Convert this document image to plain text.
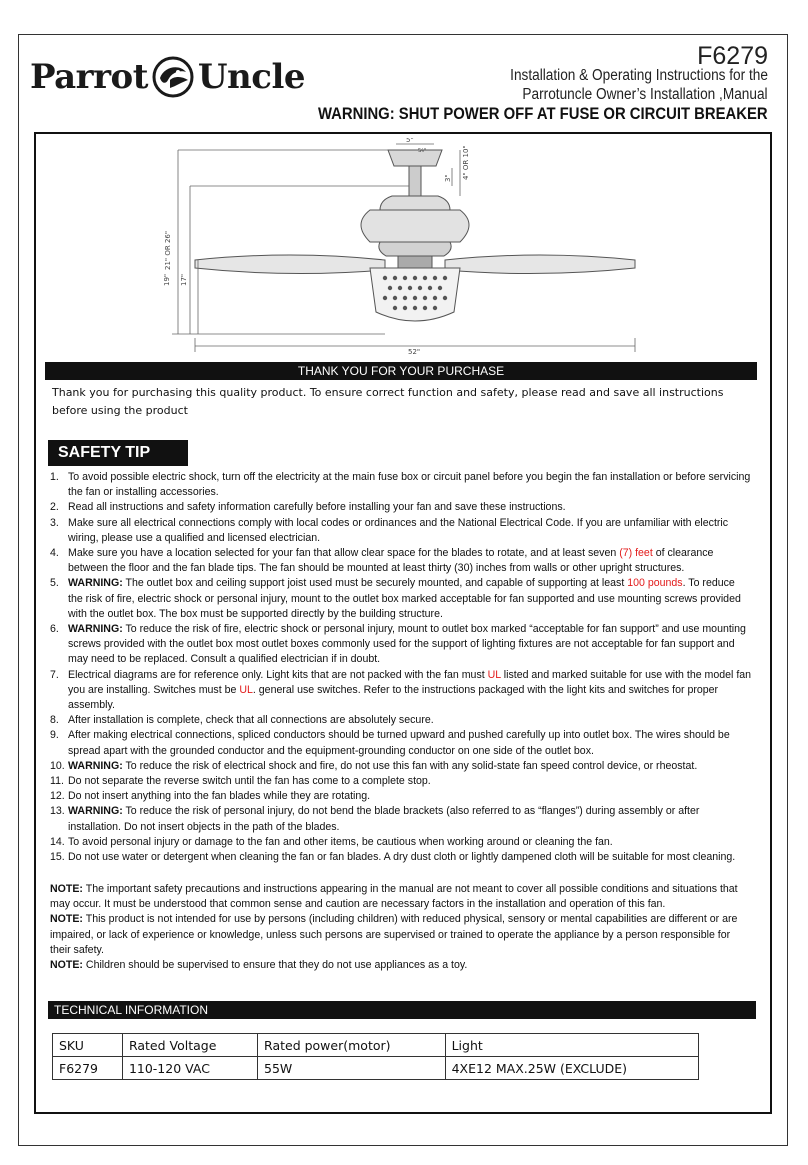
Parrot Uncle
F6279
Installation & Operating Instructions for the
Parrotuncle Owner’s Installation ,Manual
WARNING: SHUT POWER OFF AT FUSE OR CIRCUIT BREAKER
5"
5⁄₈"	4" OR 10"
3"
21" OR 26"
19" 17"
52"
THANK YOU FOR YOUR PURCHASE
Thank you for purchasing this quality product. To ensure correct function and safety, please read and save all instructions before using the product
SAFETY TIP
1. To avoid possible electric shock, turn off the electricity at the main fuse box or circuit panel before you begin the fan installation or before servicing the fan or installing accessories.
2. Read all instructions and safety information carefully before installing your fan and save these instructions.
3. Make sure all electrical connections comply with local codes or ordinances and the National Electrical Code. If you are unfamiliar with electric wiring, please use a qualified and licensed electrician.
4. Make sure you have a location selected for your fan that allow clear space for the blades to rotate, and at least seven (7) feet of clearance between the floor and the fan blade tips. The fan should be mounted at least thirty (30) inches from walls or other upright structures.
5. WARNING: The outlet box and ceiling support joist used must be securely mounted, and capable of supporting at least 100 pounds. To reduce the risk of fire, electric shock or personal injury, mount to the outlet box marked acceptable for fan supported and use mounting screws provided with the outlet box. The box must be supported directly by the building structure.
6. WARNING: To reduce the risk of fire, electric shock or personal injury, mount to outlet box marked “acceptable for fan support” and use mounting screws provided with the outlet box most outlet boxes commonly used for the support of lighting fixtures are not acceptable for fan support and may need to be replaced. Consult a qualified electrician if in doubt.
7. Electrical diagrams are for reference only. Light kits that are not packed with the fan must UL listed and marked suitable for use with the model fan you are installing. Switches must be UL. general use switches. Refer to the instructions packaged with the light kits and switches for proper assembly.
8. After installation is complete, check that all connections are absolutely secure.
9. After making electrical connections, spliced conductors should be turned upward and pushed carefully up into outlet box. The wires should be spread apart with the grounded conductor and the equipment-grounding conductor on one side of the outlet box.
10. WARNING: To reduce the risk of electrical shock and fire, do not use this fan with any solid-state fan speed control device, or rheostat.
11. Do not separate the reverse switch until the fan has come to a complete stop.
12. Do not insert anything into the fan blades while they are rotating.
13. WARNING: To reduce the risk of personal injury, do not bend the blade brackets (also referred to as “flanges”) during assembly or after installation. Do not insert objects in the path of the blades.
14. To avoid personal injury or damage to the fan and other items, be cautious when working around or cleaning the fan.
15. Do not use water or detergent when cleaning the fan or fan blades. A dry dust cloth or lightly dampened cloth will be suitable for most cleaning.

NOTE: The important safety precautions and instructions appearing in the manual are not meant to cover all possible conditions and situations that may occur. It must be understood that common sense and caution are necessary factors in the installation and operation of this fan.

NOTE: This product is not intended for use by persons (including children) with reduced physical, sensory or mental capabilities are different or are impaired, or lack of experience or knowledge, unless such persons are supervised or trained to operate the appliance by a person responsible for their safety.

NOTE: Children should be supervised to ensure that they do not use appliances as a toy.

TECHNICAL INFORMATION
SKU	Rated Voltage	Rated power(motor)	Light
F6279	110-120 VAC	55W	4XE12 MAX.25W (EXCLUDE)
